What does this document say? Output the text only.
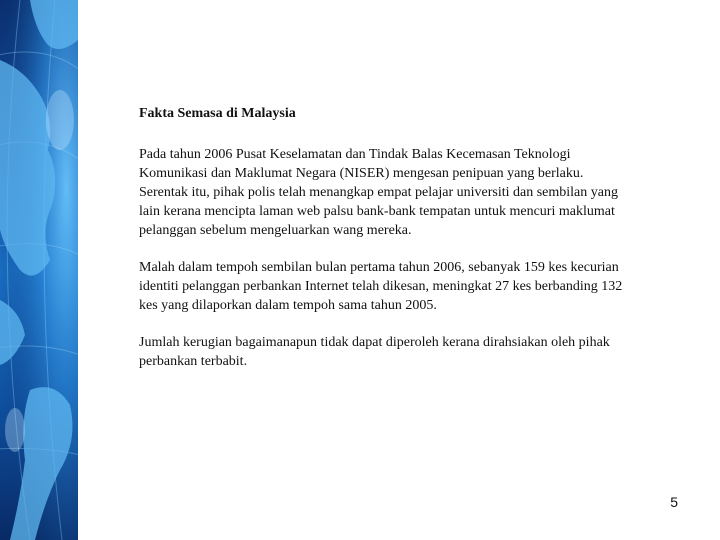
Fakta Semasa di Malaysia

Pada tahun 2006 Pusat Keselamatan dan Tindak Balas Kecemasan Teknologi Komunikasi dan Maklumat Negara (NISER) mengesan penipuan yang berlaku. Serentak itu, pihak polis telah menangkap empat pelajar universiti dan sembilan yang lain kerana mencipta laman web palsu bank-bank tempatan untuk mencuri maklumat pelanggan sebelum mengeluarkan wang mereka.

Malah dalam tempoh sembilan bulan pertama tahun 2006, sebanyak 159 kes kecurian identiti pelanggan perbankan Internet telah dikesan, meningkat 27 kes berbanding 132 kes yang dilaporkan dalam tempoh sama tahun 2005.

Jumlah kerugian bagaimanapun tidak dapat diperoleh kerana dirahsiakan oleh pihak perbankan terbabit.

5
